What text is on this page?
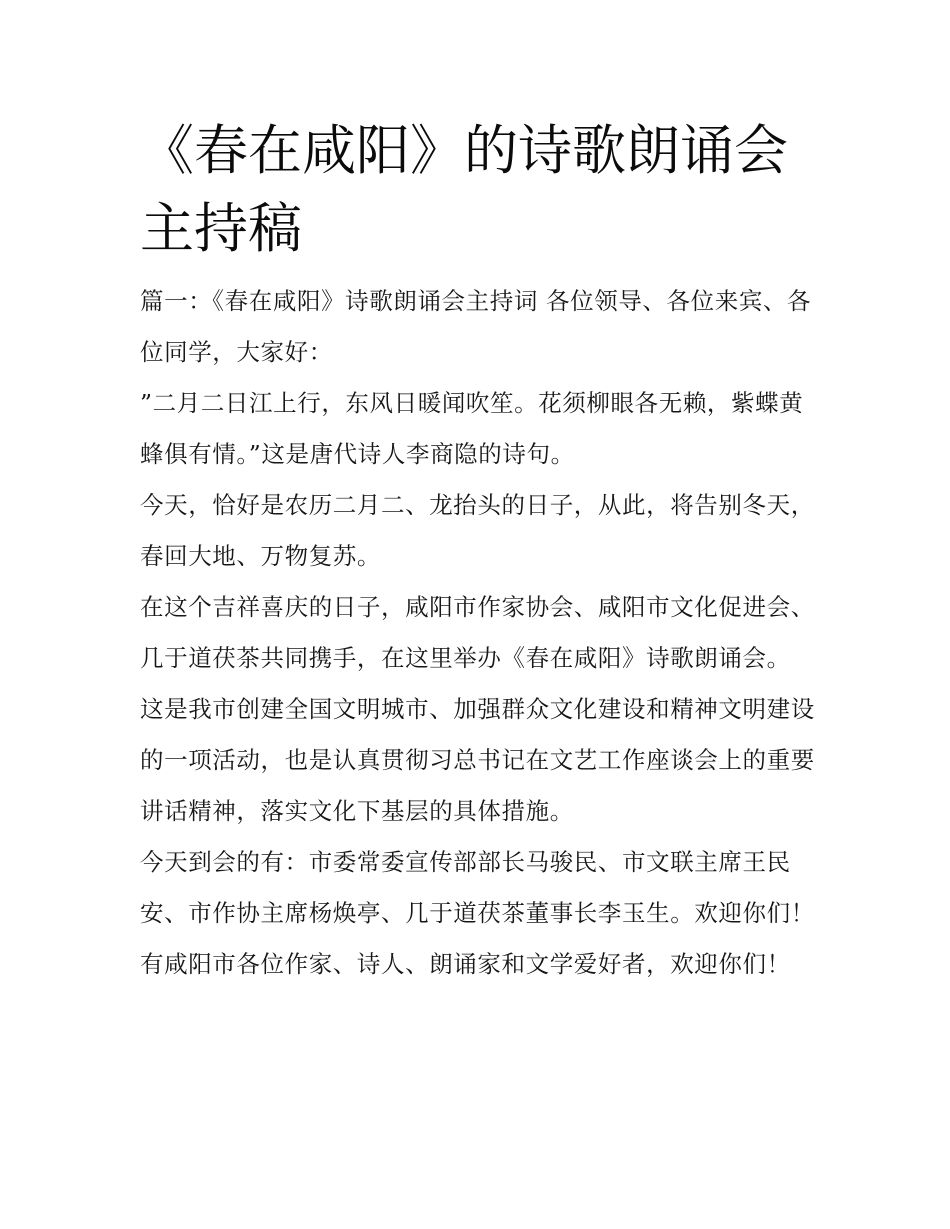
《春在咸阳》的诗歌朗诵会主持稿

篇一：《春在咸阳》诗歌朗诵会主持词 各位领导、各位来宾、各位同学，大家好：

”二月二日江上行，东风日暖闻吹笙。花须柳眼各无赖，紫蝶黄蜂俱有情。”这是唐代诗人李商隐的诗句。

今天，恰好是农历二月二、龙抬头的日子，从此，将告别冬天，春回大地、万物复苏。

在这个吉祥喜庆的日子，咸阳市作家协会、咸阳市文化促进会、几于道茯茶共同携手，在这里举办《春在咸阳》诗歌朗诵会。

这是我市创建全国文明城市、加强群众文化建设和精神文明建设的一项活动，也是认真贯彻习总书记在文艺工作座谈会上的重要讲话精神，落实文化下基层的具体措施。

今天到会的有：市委常委宣传部部长马骏民、市文联主席王民安、市作协主席杨焕亭、几于道茯茶董事长李玉生。欢迎你们！

有咸阳市各位作家、诗人、朗诵家和文学爱好者，欢迎你们！
